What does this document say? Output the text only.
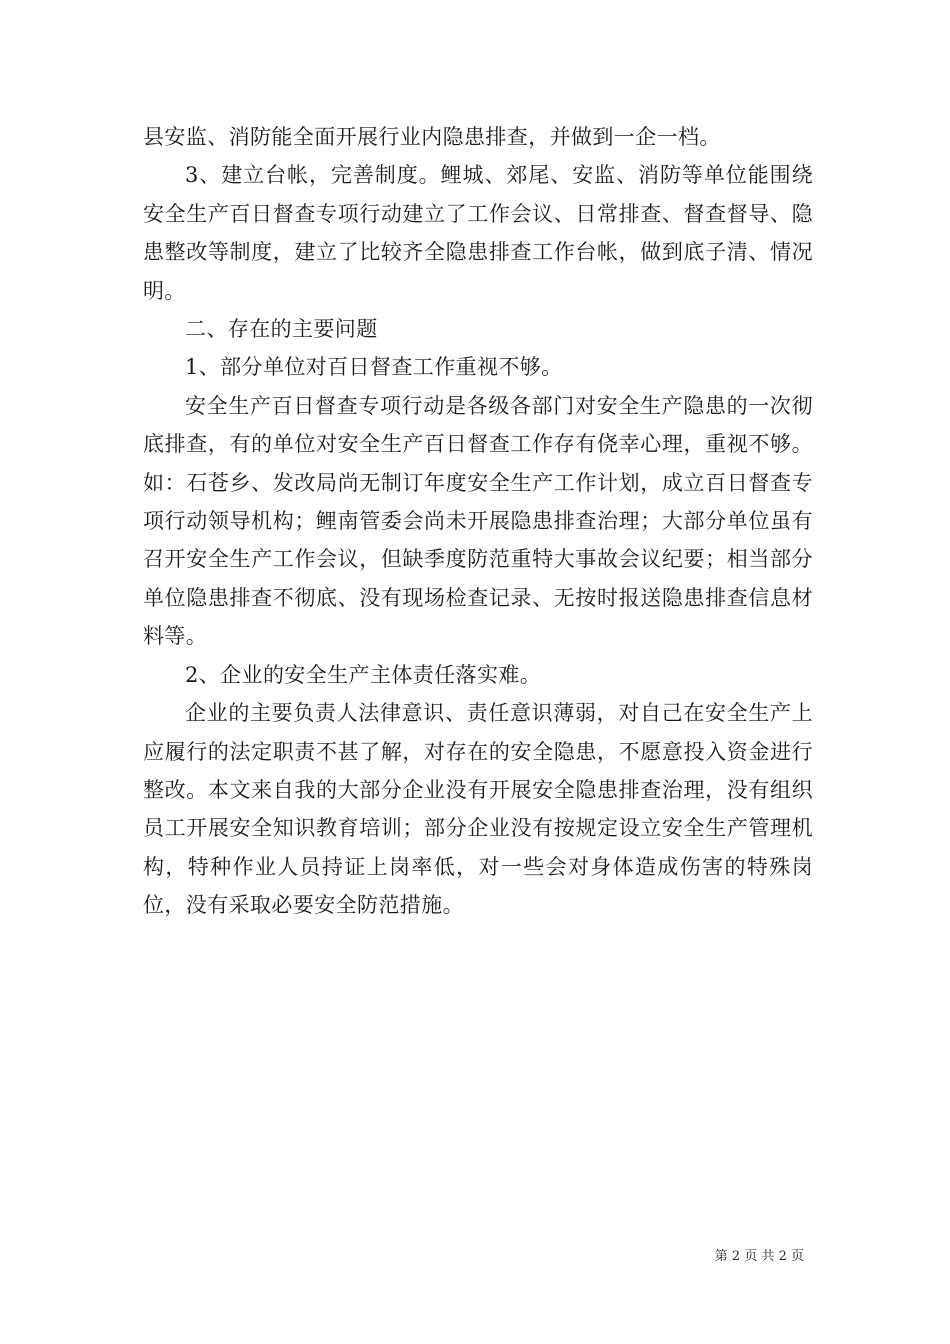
县安监、消防能全面开展行业内隐患排查，并做到一企一档。

3、建立台帐，完善制度。鲤城、郊尾、安监、消防等单位能围绕安全生产百日督查专项行动建立了工作会议、日常排查、督查督导、隐患整改等制度，建立了比较齐全隐患排查工作台帐，做到底子清、情况明。

二、存在的主要问题

1、部分单位对百日督查工作重视不够。

安全生产百日督查专项行动是各级各部门对安全生产隐患的一次彻底排查，有的单位对安全生产百日督查工作存有侥幸心理，重视不够。如：石苍乡、发改局尚无制订年度安全生产工作计划，成立百日督查专项行动领导机构；鲤南管委会尚未开展隐患排查治理；大部分单位虽有召开安全生产工作会议，但缺季度防范重特大事故会议纪要；相当部分单位隐患排查不彻底、没有现场检查记录、无按时报送隐患排查信息材料等。

2、企业的安全生产主体责任落实难。

企业的主要负责人法律意识、责任意识薄弱，对自己在安全生产上应履行的法定职责不甚了解，对存在的安全隐患，不愿意投入资金进行整改。本文来自我的大部分企业没有开展安全隐患排查治理，没有组织员工开展安全知识教育培训；部分企业没有按规定设立安全生产管理机构，特种作业人员持证上岗率低，对一些会对身体造成伤害的特殊岗位，没有采取必要安全防范措施。

第 2 页 共 2 页
